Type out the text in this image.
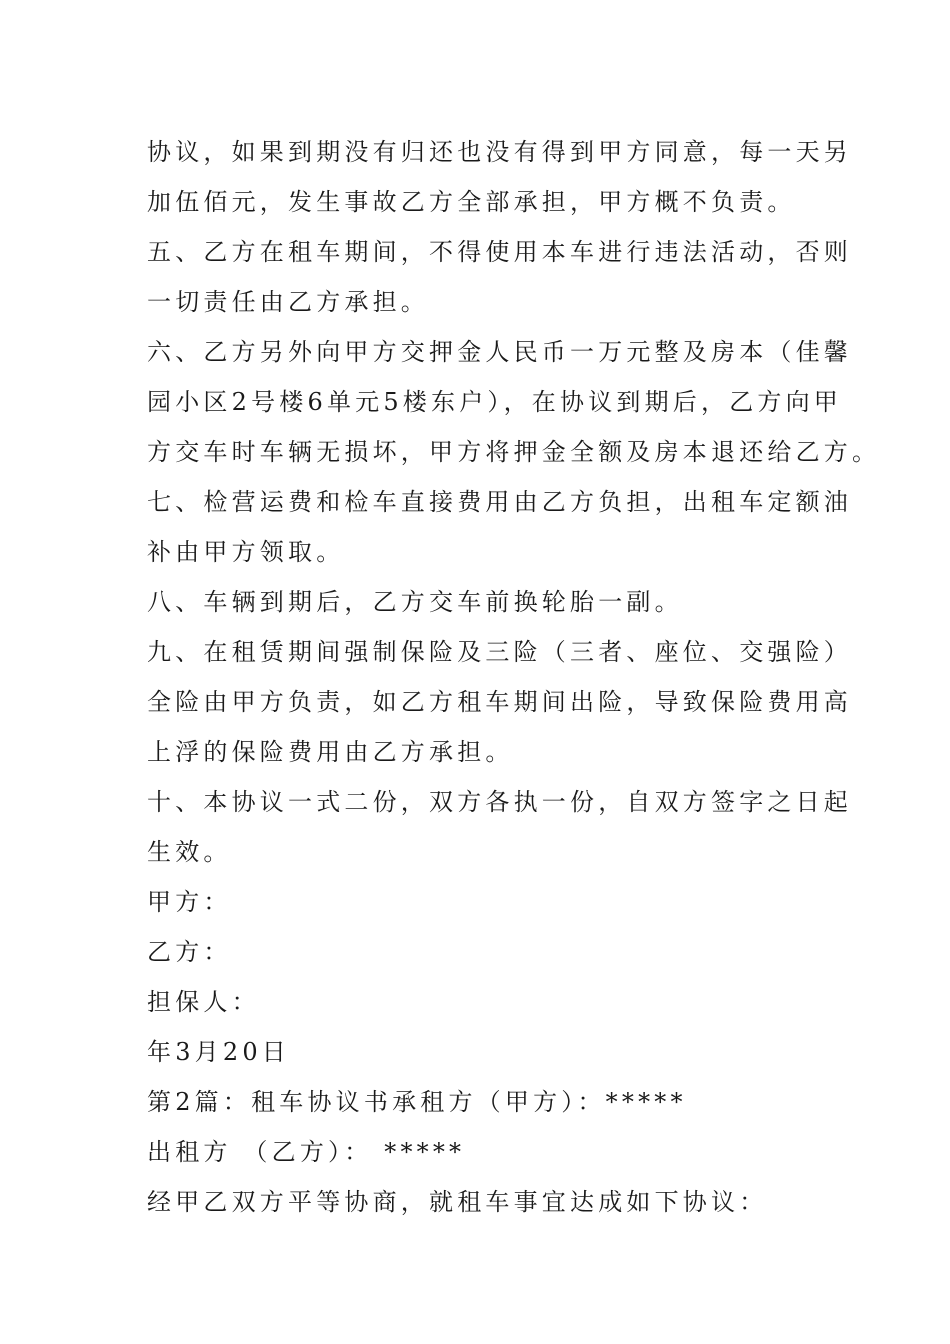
协议，如果到期没有归还也没有得到甲方同意，每一天另
加伍佰元，发生事故乙方全部承担，甲方概不负责。
五、乙方在租车期间，不得使用本车进行违法活动，否则
一切责任由乙方承担。
六、乙方另外向甲方交押金人民币一万元整及房本（佳馨
园小区2号楼6单元5楼东户），在协议到期后，乙方向甲
方交车时车辆无损坏，甲方将押金全额及房本退还给乙方。
七、检营运费和检车直接费用由乙方负担，出租车定额油
补由甲方领取。
八、车辆到期后，乙方交车前换轮胎一副。
九、在租赁期间强制保险及三险（三者、座位、交强险）
全险由甲方负责，如乙方租车期间出险，导致保险费用高
上浮的保险费用由乙方承担。
十、本协议一式二份，双方各执一份，自双方签字之日起
生效。
甲方：
乙方：
担保人：
年3月20日
第2篇：租车协议书承租方（甲方）：*****
出租方 （乙方）： *****
经甲乙双方平等协商，就租车事宜达成如下协议：
